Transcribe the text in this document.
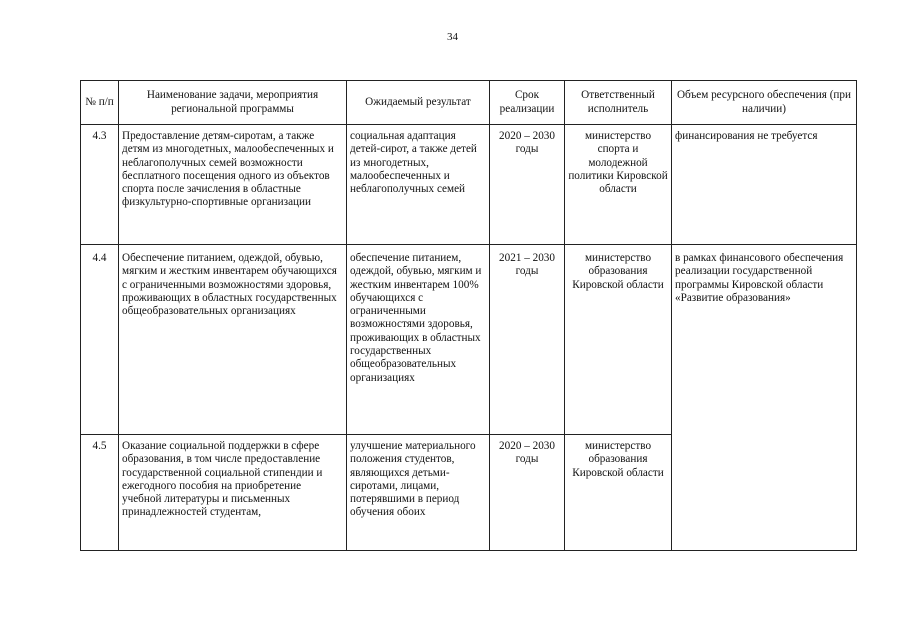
34
№ п/п	Наименование задачи, мероприятия региональной программы	Ожидаемый результат	Срок реализации	Ответственный исполнитель	Объем ресурсного обеспечения (при наличии)
4.3	Предоставление детям-сиротам, а также детям из многодетных, малообеспеченных и неблагополучных семей возможности бесплатного посещения одного из объектов спорта после зачисления в областные физкультурно-спортивные организации	социальная адаптация детей-сирот, а также детей из многодетных, малообеспеченных и неблагополучных семей	2020 – 2030 годы	министерство спорта и молодежной политики Кировской области	финансирования не требуется
4.4	Обеспечение питанием, одеждой, обувью, мягким и жестким инвентарем обучающихся с ограниченными возможностями здоровья, проживающих в областных государственных общеобразовательных организациях	обеспечение питанием, одеждой, обувью, мягким и жестким инвентарем 100% обучающихся с ограниченными возможностями здоровья, проживающих в областных государственных общеобразовательных организациях	2021 – 2030 годы	министерство образования Кировской области	в рамках финансового обеспечения реализации государственной программы Кировской области «Развитие образования»
4.5	Оказание социальной поддержки в сфере образования, в том числе предоставление государственной социальной стипендии и ежегодного пособия на приобретение учебной литературы и письменных принадлежностей студентам,	улучшение материального положения студентов, являющихся детьми-сиротами, лицами, потерявшими в период обучения обоих	2020 – 2030 годы	министерство образования Кировской области	
